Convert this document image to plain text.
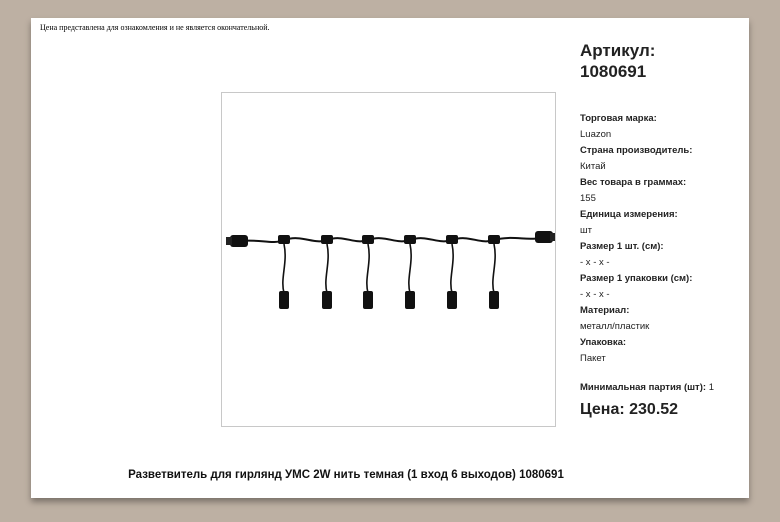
Цена представлена для ознакомления и не является окончательной.
Артикул:
1080691
Торговая марка:
Luazon
Страна производитель:
Китай
Вес товара в граммах:
155
Единица измерения:
шт
Размер 1 шт. (см):
- x - x -
Размер 1 упаковки (см):
- x - x -
Материал:
металл/пластик
Упаковка:
Пакет
Минимальная партия (шт): 1
Цена: 230.52
Разветвитель для гирлянд УМС 2W нить темная (1 вход 6 выходов) 1080691
